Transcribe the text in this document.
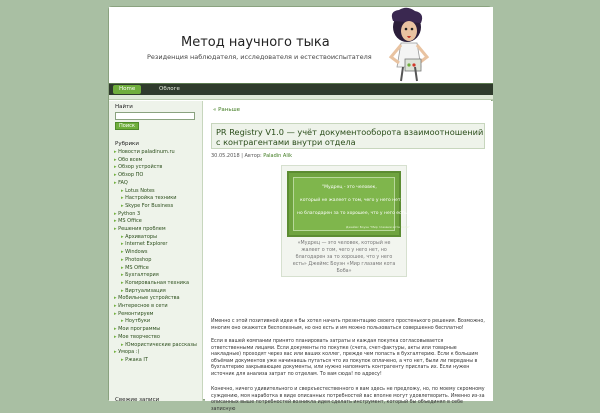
Метод научного тыка
Резиденция наблюдателя, исследователя и естествоиспытателя
Home	Облоге
Найти
Поиск
Рубрики
▸ Новости paladinum.ru
▸ Обо всем
▸ Обзор устройств
▸ Обзор ПО
▸ FAQ
▸ Lotus Notes
▸ Настройка техники
▸ Skype For Business
▸ Python 3
▸ MS Office
▸ Решения проблем
▸ Архиваторы
▸ Internet Explorer
▸ Windows
▸ Photoshop
▸ MS Office
▸ Бухгалтерия
▸ Копировальная техника
▸ Виртуализация
▸ Мобильные устройства
▸ Интересное в сети
▸ Ремонтируем
▸ Ноутбуки
▸ Мои программы
▸ Мое творчество
▸ Юмористические рассказы
▸ Умора :)
▸ Ржака IT
Свежие записи
« Раньше
PR Registry V1.0 — учёт документооборота взаимоотношений с контрагентами внутри отдела
30.05.2018 | Автор: Paladin Alik
"Мудрец - это человек,
который не жалеет о том, чего у него нет,
но благодарен за то хорошее, что у него есть"
Джеймс Боуэн "Мир глазами кота Боба"
«Мудрец — это человек, который не жалеет о том, чего у него нет, но благодарен за то хорошее, что у него есть» Джеймс Боуэн «Мир глазами кота Боба»
Именно с этой позитивной идеи я бы хотел начать презентацию своего простенького решения. Возможно, многим оно окажется бесполезным, но оно есть и им можно пользоваться совершенно бесплатно!
Если в вашей компании принято планировать затраты и каждая покупка согласовывается ответственными лицами. Если документы по покупке (счета, счет-фактуры, акты или товарные накладные) проходят через вас или ваших коллег, прежде чем попасть в бухгалтерию. Если к большим объёмам документов уже начинаешь путаться что из покупок оплачено, а что нет, были ли переданы в бухгалтерию закрывающие документы, или нужно напомнить контрагенту прислать их. Если нужен источник для анализа затрат по отделам. То вам сюда! по адресу!
Конечно, ничего удивительного и сверхъестественного я вам здесь не предложу, но, по моему скромному суждению, моя наработка в виде описанных потребностей вас вполне могут удовлетворить. Именно из-за описанных выше потребностей возникла идея сделать инструмент, который бы объединял в себе записную
